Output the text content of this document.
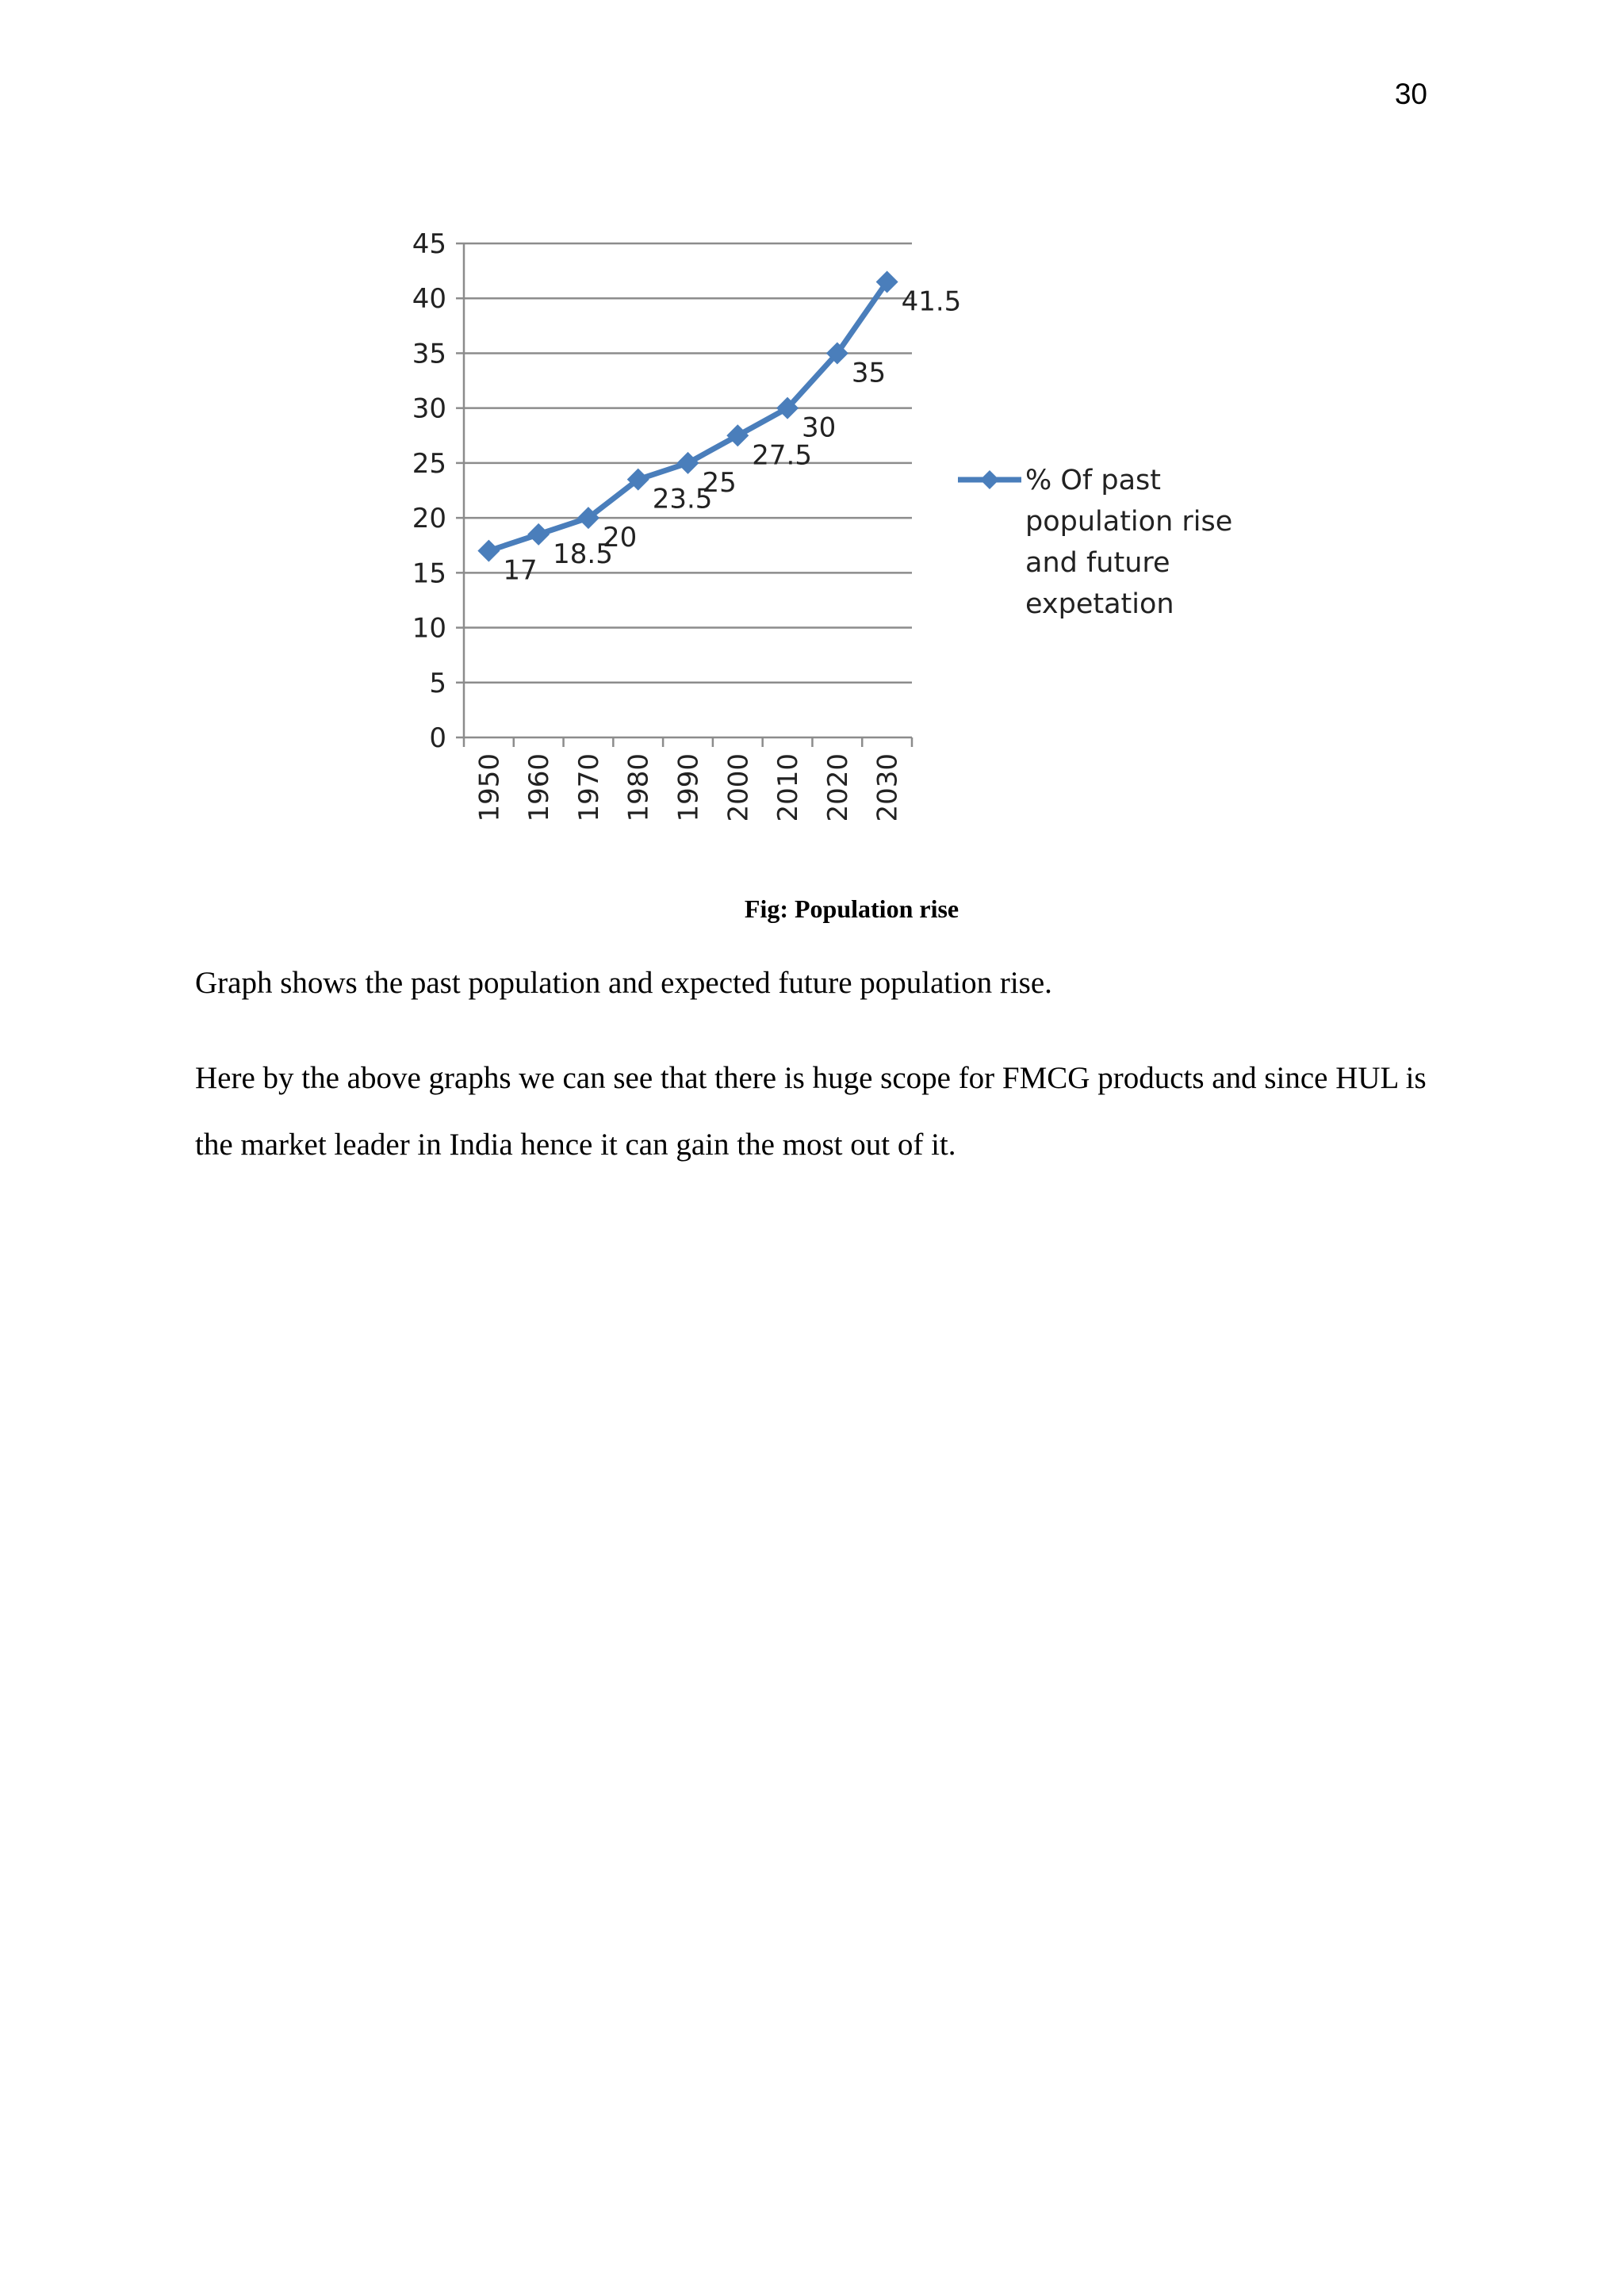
30
0
5
10
15
20
25
30
35
40
45
1950 1960 1970 1980 1990 2000 2010 2020 2030
17
18.5
20
23.5
25
27.5
30
35
41.5
% Of past
population rise
and future
expetation
Fig: Population rise

Graph shows the past population and expected future population rise.

Here by the above graphs we can see that there is huge scope for FMCG products and since HUL is the market leader in India hence it can gain the most out of it.
